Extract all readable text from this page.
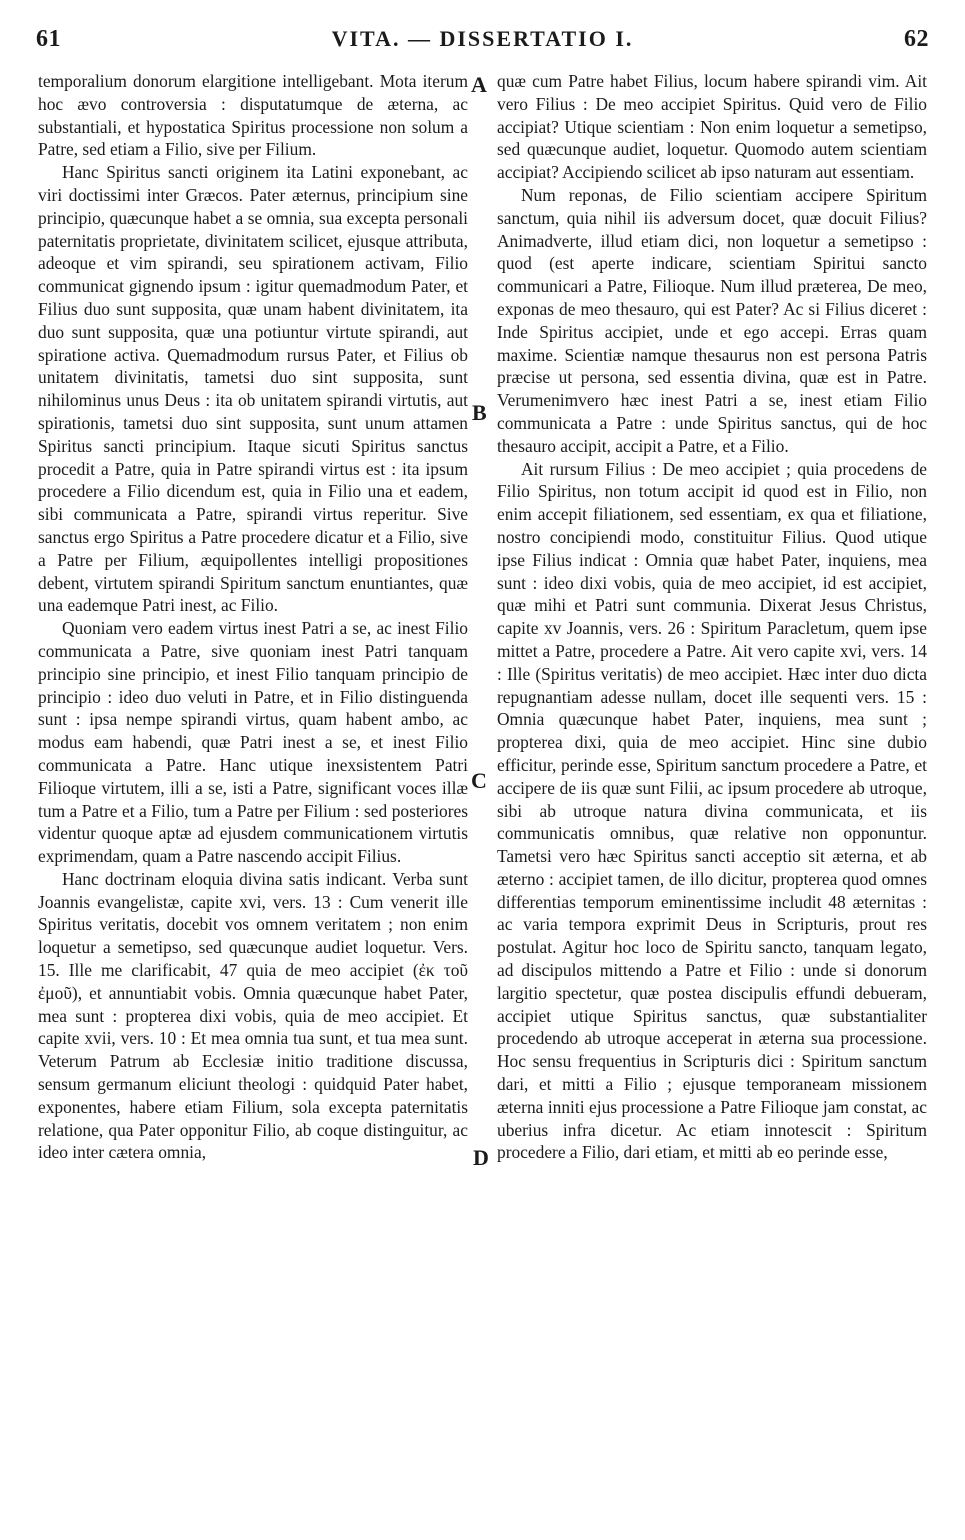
61	VITA. — DISSERTATIO I.	62
A
B
C
D

temporalium donorum elargitione intelligebant. Mota iterum hoc ævo controversia : disputatumque de æterna, ac substantiali, et hypostatica Spiritus processione non solum a Patre, sed etiam a Filio, sive per Filium.

Hanc Spiritus sancti originem ita Latini exponebant, ac viri doctissimi inter Græcos. Pater æternus, principium sine principio, quæcunque habet a se omnia, sua excepta personali paternitatis proprietate, divinitatem scilicet, ejusque attributa, adeoque et vim spirandi, seu spirationem activam, Filio communicat gignendo ipsum : igitur quemadmodum Pater, et Filius duo sunt supposita, quæ unam habent divinitatem, ita duo sunt supposita, quæ una potiuntur virtute spirandi, aut spiratione activa. Quemadmodum rursus Pater, et Filius ob unitatem divinitatis, tametsi duo sint supposita, sunt nihilominus unus Deus : ita ob unitatem spirandi virtutis, aut spirationis, tametsi duo sint supposita, sunt unum attamen Spiritus sancti principium. Itaque sicuti Spiritus sanctus procedit a Patre, quia in Patre spirandi virtus est : ita ipsum procedere a Filio dicendum est, quia in Filio una et eadem, sibi communicata a Patre, spirandi virtus reperitur. Sive sanctus ergo Spiritus a Patre procedere dicatur et a Filio, sive a Patre per Filium, æquipollentes intelligi propositiones debent, virtutem spirandi Spiritum sanctum enuntiantes, quæ una eademque Patri inest, ac Filio.

Quoniam vero eadem virtus inest Patri a se, ac inest Filio communicata a Patre, sive quoniam inest Patri tanquam principio sine principio, et inest Filio tanquam principio de principio : ideo duo veluti in Patre, et in Filio distinguenda sunt : ipsa nempe spirandi virtus, quam habent ambo, ac modus eam habendi, quæ Patri inest a se, et inest Filio communicata a Patre. Hanc utique inexsistentem Patri Filioque virtutem, illi a se, isti a Patre, significant voces illæ tum a Patre et a Filio, tum a Patre per Filium : sed posteriores videntur quoque aptæ ad ejusdem communicationem virtutis exprimendam, quam a Patre nascendo accipit Filius.

Hanc doctrinam eloquia divina satis indicant. Verba sunt Joannis evangelistæ, capite xvi, vers. 13 : Cum venerit ille Spiritus veritatis, docebit vos omnem veritatem ; non enim loquetur a semetipso, sed quæcunque audiet loquetur. Vers. 15. Ille me clarificabit, 47 quia de meo accipiet (ἐκ τοῦ ἐμοῦ), et annuntiabit vobis. Omnia quæcunque habet Pater, mea sunt : propterea dixi vobis, quia de meo accipiet. Et capite xvii, vers. 10 : Et mea omnia tua sunt, et tua mea sunt. Veterum Patrum ab Ecclesiæ initio traditione discussa, sensum germanum eliciunt theologi : quidquid Pater habet, exponentes, habere etiam Filium, sola excepta paternitatis relatione, qua Pater opponitur Filio, ab coque distinguitur, ac ideo inter cætera omnia,

quæ cum Patre habet Filius, locum habere spirandi vim. Ait vero Filius : De meo accipiet Spiritus. Quid vero de Filio accipiat? Utique scientiam : Non enim loquetur a semetipso, sed quæcunque audiet, loquetur. Quomodo autem scientiam accipiat? Accipiendo scilicet ab ipso naturam aut essentiam.

Num reponas, de Filio scientiam accipere Spiritum sanctum, quia nihil iis adversum docet, quæ docuit Filius? Animadverte, illud etiam dici, non loquetur a semetipso : quod (est aperte indicare, scientiam Spiritui sancto communicari a Patre, Filioque. Num illud præterea, De meo, exponas de meo thesauro, qui est Pater? Ac si Filius diceret : Inde Spiritus accipiet, unde et ego accepi. Erras quam maxime. Scientiæ namque thesaurus non est persona Patris præcise ut persona, sed essentia divina, quæ est in Patre. Verumenimvero hæc inest Patri a se, inest etiam Filio communicata a Patre : unde Spiritus sanctus, qui de hoc thesauro accipit, accipit a Patre, et a Filio.

Ait rursum Filius : De meo accipiet ; quia procedens de Filio Spiritus, non totum accipit id quod est in Filio, non enim accepit filiationem, sed essentiam, ex qua et filiatione, nostro concipiendi modo, constituitur Filius. Quod utique ipse Filius indicat : Omnia quæ habet Pater, inquiens, mea sunt : ideo dixi vobis, quia de meo accipiet, id est accipiet, quæ mihi et Patri sunt communia. Dixerat Jesus Christus, capite xv Joannis, vers. 26 : Spiritum Paracletum, quem ipse mittet a Patre, procedere a Patre. Ait vero capite xvi, vers. 14 : Ille (Spiritus veritatis) de meo accipiet. Hæc inter duo dicta repugnantiam adesse nullam, docet ille sequenti vers. 15 : Omnia quæcunque habet Pater, inquiens, mea sunt ; propterea dixi, quia de meo accipiet. Hinc sine dubio efficitur, perinde esse, Spiritum sanctum procedere a Patre, et accipere de iis quæ sunt Filii, ac ipsum procedere ab utroque, sibi ab utroque natura divina communicata, et iis communicatis omnibus, quæ relative non opponuntur. Tametsi vero hæc Spiritus sancti acceptio sit æterna, et ab æterno : accipiet tamen, de illo dicitur, propterea quod omnes differentias temporum eminentissime includit 48 æternitas : ac varia tempora exprimit Deus in Scripturis, prout res postulat. Agitur hoc loco de Spiritu sancto, tanquam legato, ad discipulos mittendo a Patre et Filio : unde si donorum largitio spectetur, quæ postea discipulis effundi debueram, accipiet utique Spiritus sanctus, quæ substantialiter procedendo ab utroque acceperat in æterna sua processione. Hoc sensu frequentius in Scripturis dici : Spiritum sanctum dari, et mitti a Filio ; ejusque temporaneam missionem æterna inniti ejus processione a Patre Filioque jam constat, ac uberius infra dicetur. Ac etiam innotescit : Spiritum procedere a Filio, dari etiam, et mitti ab eo perinde esse,
